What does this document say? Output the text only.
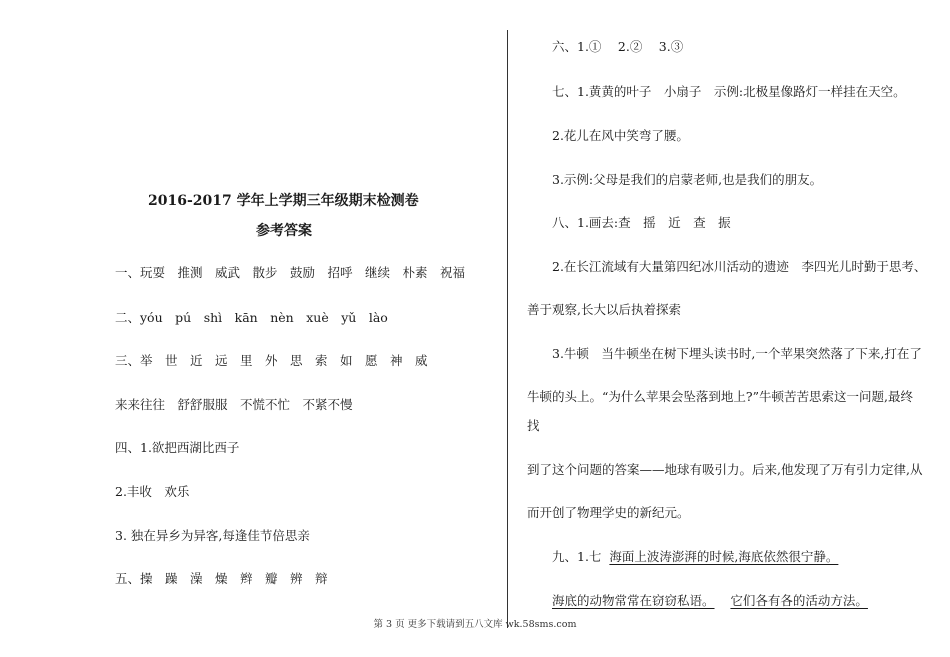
2016-2017 学年上学期三年级期末检测卷
参考答案
一、玩耍　推测　威武　散步　鼓励　招呼　继续　朴素　祝福
二、yóu　pú　shì　kān　nèn　xuè　yǔ　lào
三、举　世　近　远　里　外　思　索　如　愿　神　威
来来往往　舒舒服服　不慌不忙　不紧不慢
四、1.欲把西湖比西子
2.丰收　欢乐
3. 独在异乡为异客,每逢佳节倍思亲
五、操　躁　澡　燥　辫　瓣　辨　辩
六、1.①　 2.②　 3.③
七、1.黄黄的叶子　小扇子　示例:北极星像路灯一样挂在天空。
2.花儿在风中笑弯了腰。
3.示例:父母是我们的启蒙老师,也是我们的朋友。
八、1.画去:查　摇　近　查　振
2.在长江流域有大量第四纪冰川活动的遗迹　李四光儿时勤于思考、
善于观察,长大以后执着探索
3.牛顿　当牛顿坐在树下埋头读书时,一个苹果突然落了下来,打在了
牛顿的头上。“为什么苹果会坠落到地上?”牛顿苦苦思索这一问题,最终
找
到了这个问题的答案——地球有吸引力。后来,他发现了万有引力定律,从
而开创了物理学史的新纪元。
九、1.七 海面上波涛澎湃的时候,海底依然很宁静。
海底的动物常常在窃窃私语。 它们各有各的活动方法。
第 3 页 更多下载请到五八文库 wk.58sms.com
